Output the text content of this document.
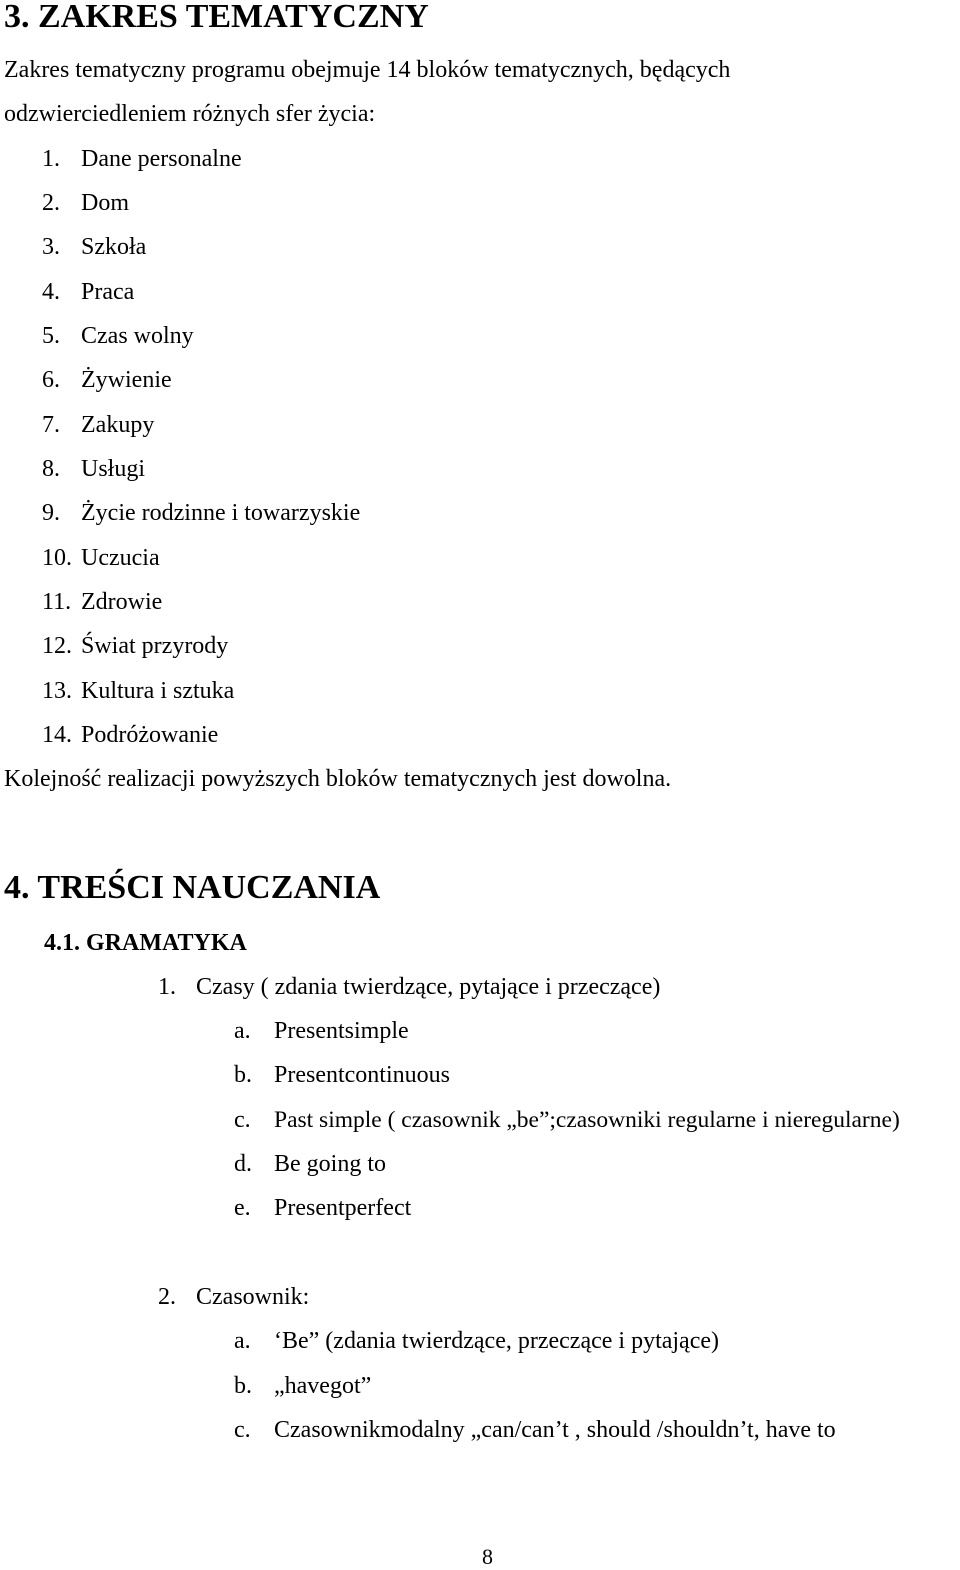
3. ZAKRES TEMATYCZNY
Zakres tematyczny programu obejmuje 14 bloków tematycznych, będących
odzwierciedleniem różnych sfer życia:
1. Dane personalne
2. Dom
3. Szkoła
4. Praca
5. Czas wolny
6. Żywienie
7. Zakupy
8. Usługi
9. Życie rodzinne i towarzyskie
10. Uczucia
11. Zdrowie
12. Świat przyrody
13. Kultura i sztuka
14. Podróżowanie
Kolejność realizacji powyższych bloków tematycznych jest dowolna.
4. TREŚCI NAUCZANIA
4.1. GRAMATYKA
1. Czasy ( zdania twierdzące, pytające i przeczące)
a. Presentsimple
b. Presentcontinuous
c. Past simple ( czasownik „be”;czasowniki regularne i nieregularne)
d. Be going to
e. Presentperfect
2. Czasownik:
a. ‘Be” (zdania twierdzące, przeczące i pytające)
b. „havegot”
c. Czasownikmodalny „can/can’t , should /shouldn’t, have to
8
